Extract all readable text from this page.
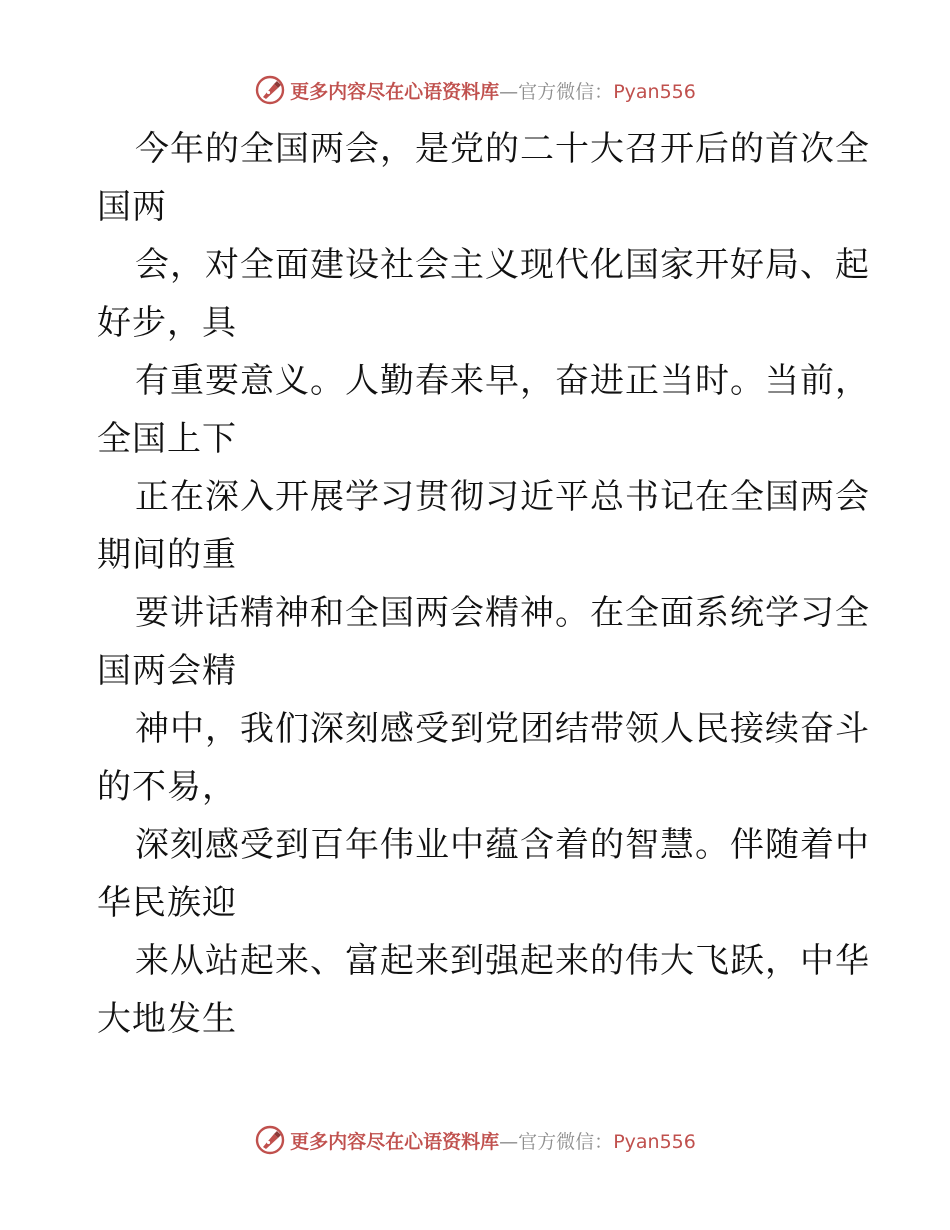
更多内容尽在心语资料库—官方微信：Pyan556
今年的全国两会，是党的二十大召开后的首次全
国两
会，对全面建设社会主义现代化国家开好局、起
好步，具
有重要意义。人勤春来早，奋进正当时。当前，
全国上下
正在深入开展学习贯彻习近平总书记在全国两会
期间的重
要讲话精神和全国两会精神。在全面系统学习全
国两会精
神中，我们深刻感受到党团结带领人民接续奋斗
的不易，
深刻感受到百年伟业中蕴含着的智慧。伴随着中
华民族迎
来从站起来、富起来到强起来的伟大飞跃，中华
大地发生
更多内容尽在心语资料库—官方微信：Pyan556
